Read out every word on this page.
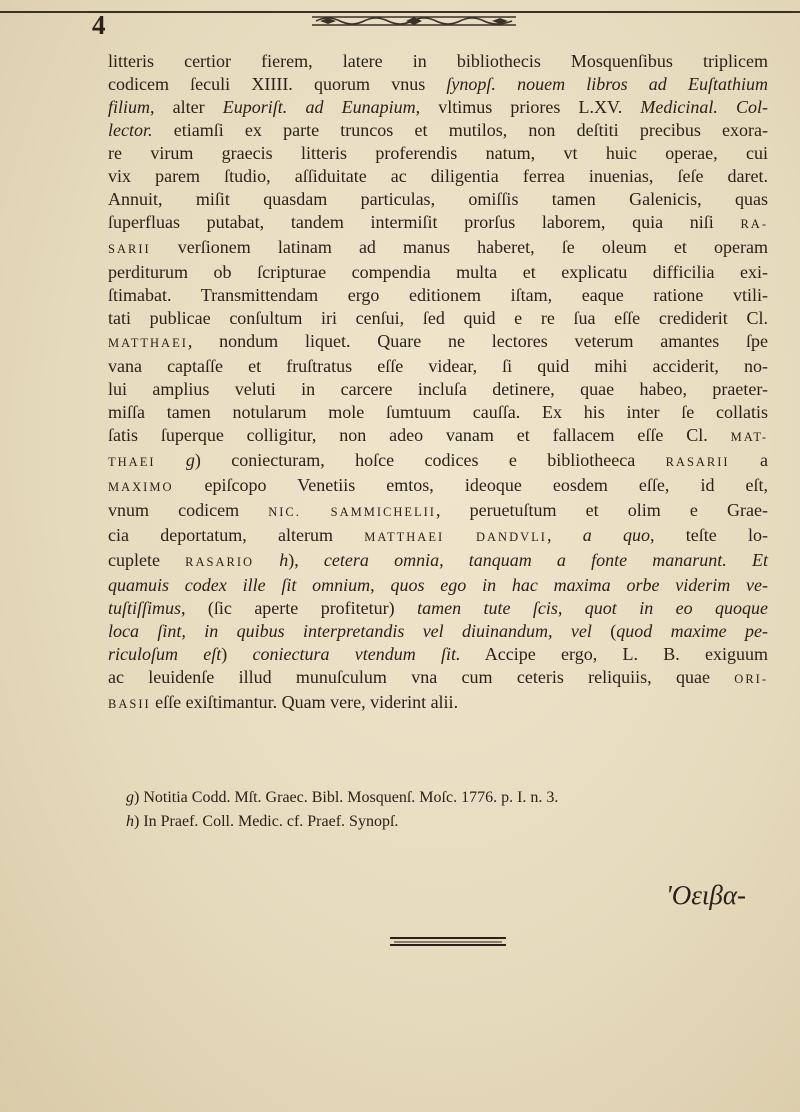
4
litteris certior fierem, latere in bibliothecis Mosquenſibus triplicem
codicem ſeculi XIIII. quorum vnus ſynopſ. nouem libros ad Euſtathium
filium, alter Euporiſt. ad Eunapium, vltimus priores L.XV. Medicinal. Col-
lector. etiamſi ex parte truncos et mutilos, non deſtiti precibus exora-
re virum graecis litteris proferendis natum, vt huic operae, cui
vix parem ſtudio, aſſiduitate ac diligentia ferrea inuenias, ſeſe daret.
Annuit, miſit quasdam particulas, omiſſis tamen Galenicis, quas
ſuperfluas putabat, tandem intermiſit prorſus laborem, quia niſi RA-
SARII verſionem latinam ad manus haberet, ſe oleum et operam
perditurum ob ſcripturae compendia multa et explicatu difficilia exi-
ſtimabat. Transmittendam ergo editionem iſtam, eaque ratione vtili-
tati publicae conſultum iri cenſui, ſed quid e re ſua eſſe crediderit Cl.
MATTHAEI, nondum liquet. Quare ne lectores veterum amantes ſpe
vana captaſſe et fruſtratus eſſe videar, ſi quid mihi acciderit, no-
lui amplius veluti in carcere incluſa detinere, quae habeo, praeter-
miſſa tamen notularum mole ſumtuum cauſſa. Ex his inter ſe collatis
ſatis ſuperque colligitur, non adeo vanam et fallacem eſſe Cl. MAT-
THAEI g) coniecturam, hoſce codices e bibliotheeca RASARII a
MAXIMO epiſcopo Venetiis emtos, ideoque eosdem eſſe, id eſt,
vnum codicem NIC. SAMMICHELII, peruetuſtum et olim e Grae-
cia deportatum, alterum MATTHAEI DANDVLI, a quo, teſte lo-
cuplete RASARIO h), cetera omnia, tanquam a fonte manarunt. Et
quamuis codex ille ſit omnium, quos ego in hac maxima orbe viderim ve-
tuſtiſſimus, (ſic aperte profitetur) tamen tute ſcis, quot in eo quoque
loca ſint, in quibus interpretandis vel diuinandum, vel (quod maxime pe-
riculoſum eſt) coniectura vtendum ſit. Accipe ergo, L. B. exiguum
ac leuidenſe illud munuſculum vna cum ceteris reliquiis, quae ORI-
BASII eſſe exiſtimantur. Quam vere, viderint alii.
g) Notitia Codd. Mſt. Graec. Bibl. Mosquenſ. Moſc. 1776. p. I. n. 3.
h) In Praef. Coll. Medic. cf. Praef. Synopſ.
ʹΟειβα-
